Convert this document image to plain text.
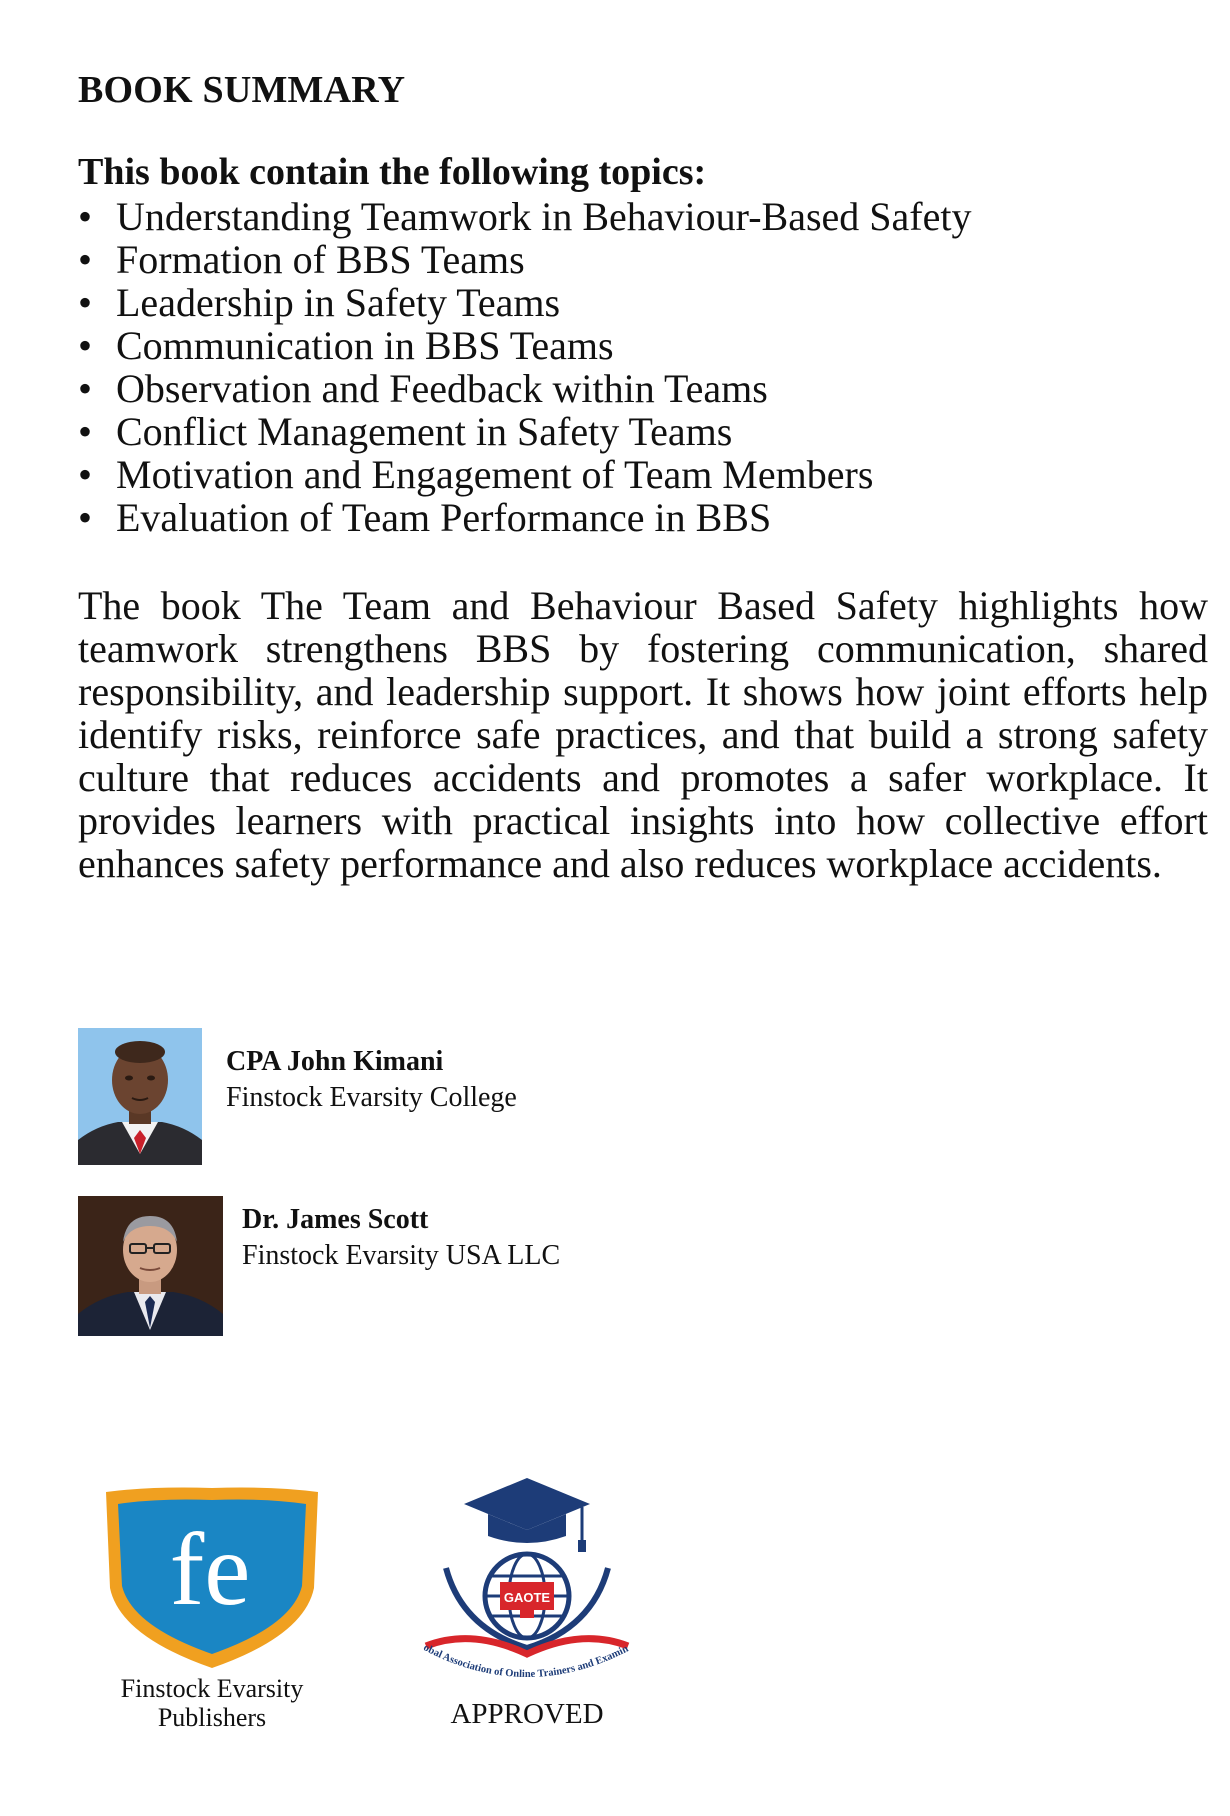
BOOK SUMMARY

This book contain the following topics:

• Understanding Teamwork in Behaviour-Based Safety
• Formation of BBS Teams
• Leadership in Safety Teams
• Communication in BBS Teams
• Observation and Feedback within Teams
• Conflict Management in Safety Teams
• Motivation and Engagement of Team Members
• Evaluation of Team Performance in BBS

The book The Team and Behaviour Based Safety highlights how teamwork strengthens BBS by fostering communication, shared responsibility, and leadership support. It shows how joint efforts help identify risks, reinforce safe practices, and that build a strong safety culture that reduces accidents and promotes a safer workplace. It provides learners with practical insights into how collective effort enhances safety performance and also reduces workplace accidents.

CPA John Kimani
Finstock Evarsity College
Dr. James Scott
Finstock Evarsity USA LLC
fe
Finstock Evarsity
Publishers
GAOTE
obal Association of Online Trainers and Examin
APPROVED
